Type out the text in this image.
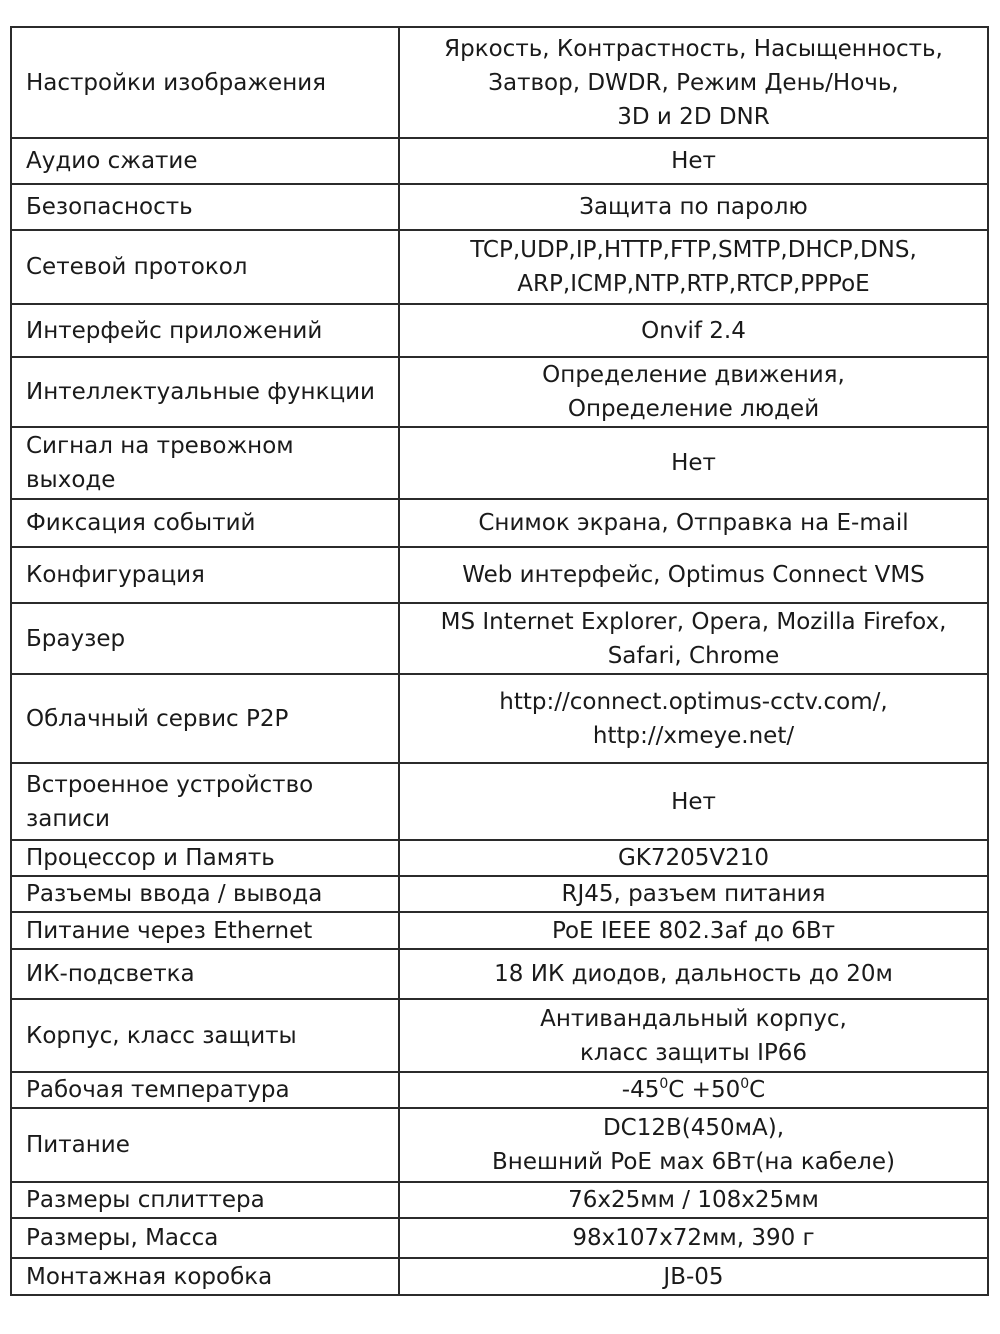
Настройки изображения	Яркость, Контрастность, Насыщенность,
Затвор, DWDR, Режим День/Ночь,
3D и 2D DNR

Аудио сжатие	Нет

Безопасность	Защита по паролю

Сетевой протокол	TCP,UDP,IP,HTTP,FTP,SMTP,DHCP,DNS,
ARP,ICMP,NTP,RTP,RTCP,PPPoE

Интерфейс приложений	Onvif 2.4

Интеллектуальные функции	Определение движения,
Определение людей

Сигнал на тревожном выходе	Нет

Фиксация событий	Снимок экрана, Отправка на E-mail

Конфигурация	Web интерфейс, Optimus Connect VMS

Браузер	MS Internet Explorer, Opera, Mozilla Firefox,
Safari, Chrome

Облачный сервис P2P	http://connect.optimus-cctv.com/,
http://xmeye.net/

Встроенное устройство записи	Нет

Процессор и Память	GK7205V210

Разъемы ввода / вывода	RJ45, разъем питания

Питание через Ethernet	PoE IEEE 802.3af до 6Вт

ИК-подсветка	18 ИК диодов, дальность до 20м

Корпус, класс защиты	Антивандальный корпус,
класс защиты IP66

Рабочая температура	$-45^0С +50^0С$

Питание	DC12В(450мА),
Внешний PoE мах 6Вт(на кабеле)

Размеры сплиттера	76х25мм / 108х25мм

Размеры, Масса	98x107x72мм, 390 г

Монтажная коробка	JB-05
